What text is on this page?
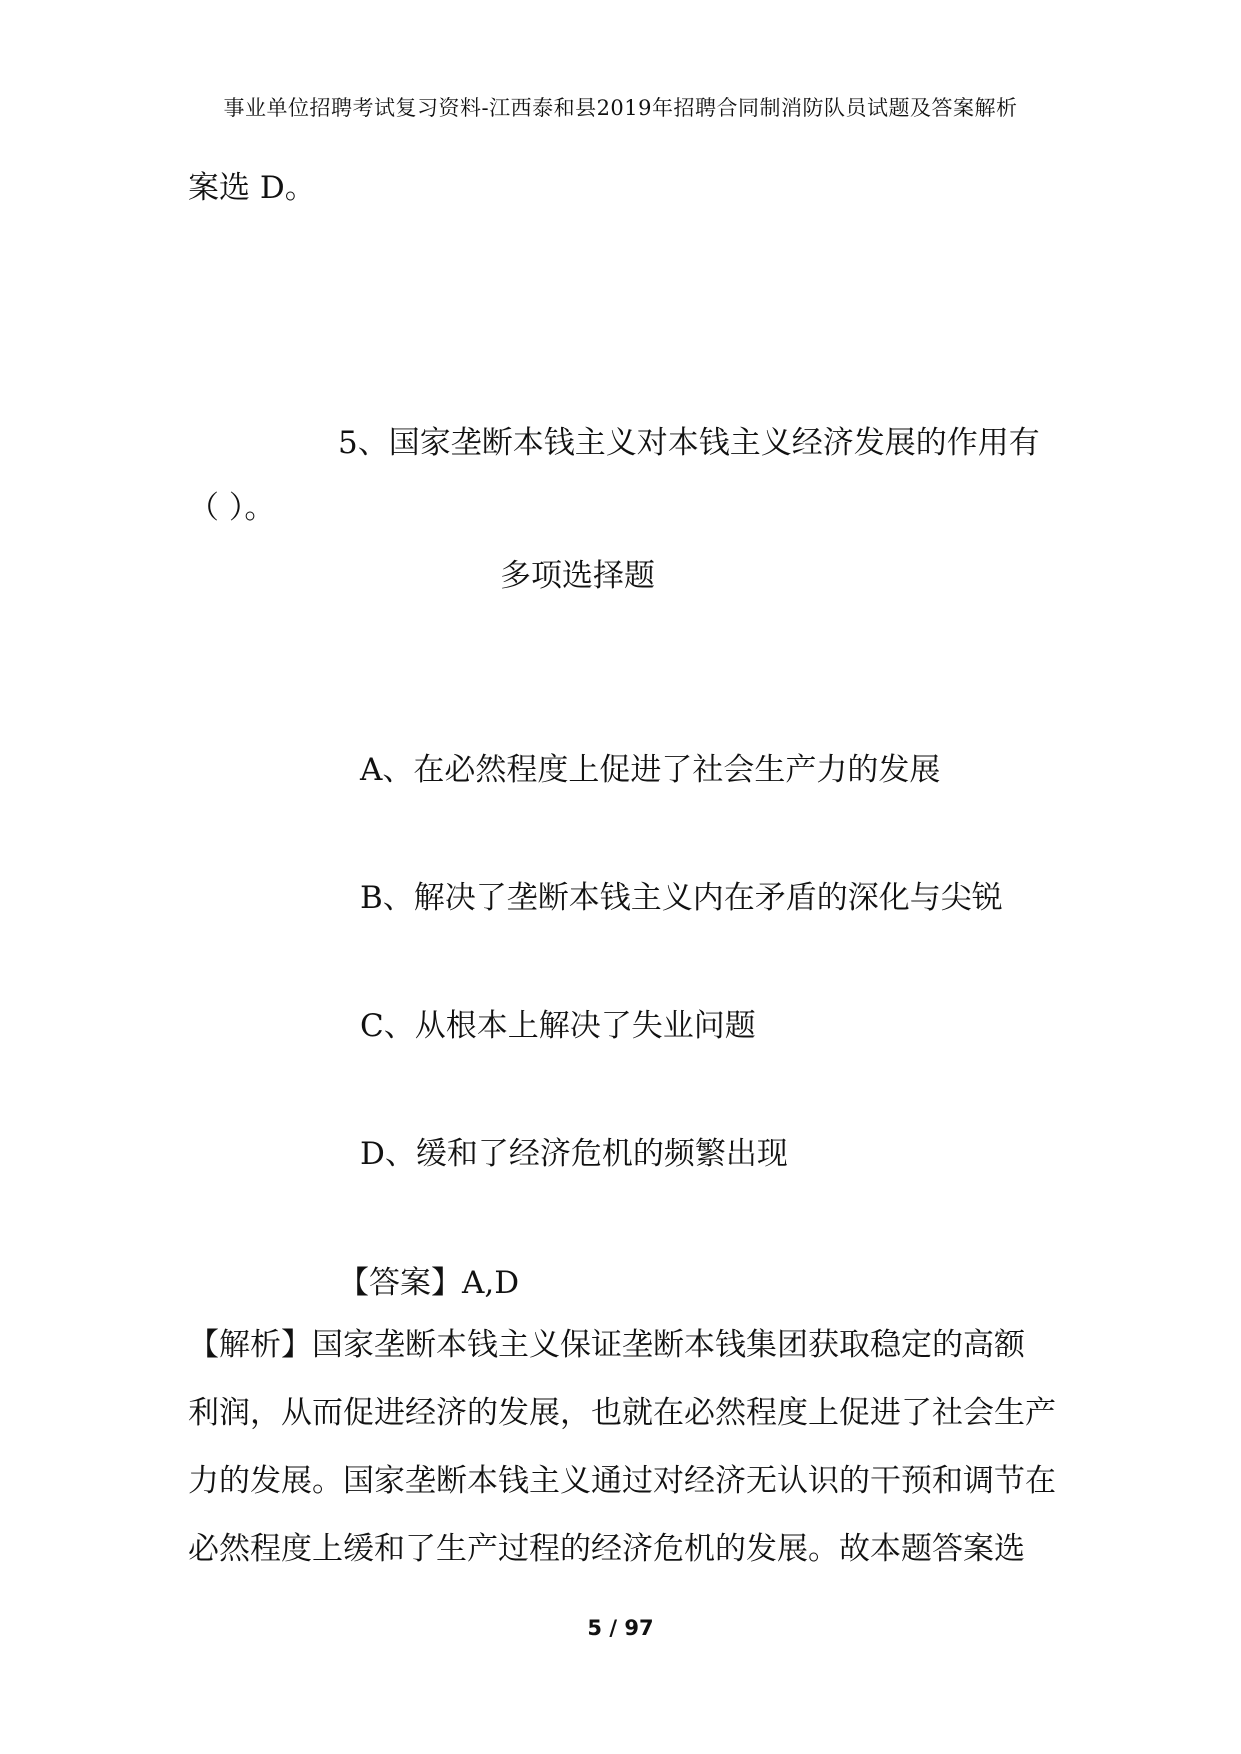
事业单位招聘考试复习资料-江西泰和县2019年招聘合同制消防队员试题及答案解析
案选 D。
5、国家垄断本钱主义对本钱主义经济发展的作用有
（ ）。
多项选择题
A、在必然程度上促进了社会生产力的发展
B、解决了垄断本钱主义内在矛盾的深化与尖锐
C、从根本上解决了失业问题
D、缓和了经济危机的频繁出现
【答案】A,D
【解析】国家垄断本钱主义保证垄断本钱集团获取稳定的高额
利润，从而促进经济的发展，也就在必然程度上促进了社会生产
力的发展。国家垄断本钱主义通过对经济无认识的干预和调节在
必然程度上缓和了生产过程的经济危机的发展。故本题答案选
5 / 97
